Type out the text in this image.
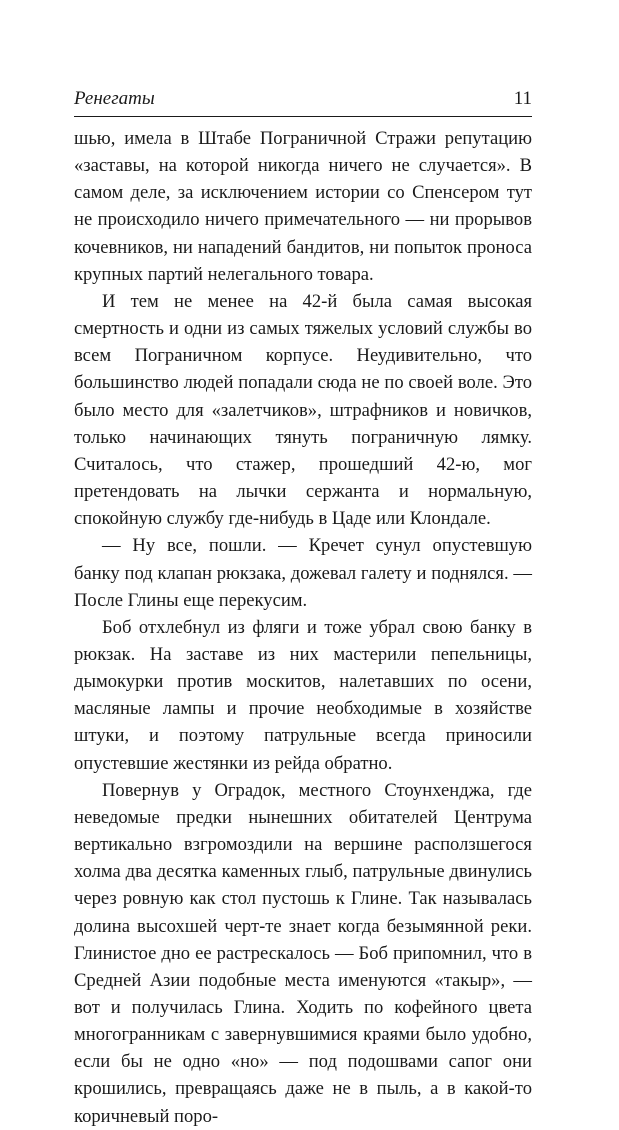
Ренегаты	11

шью, имела в Штабе Пограничной Стражи репутацию «заставы, на которой никогда ничего не случается». В самом деле, за исключением истории со Спенсером тут не происходило ничего примечательного — ни прорывов кочевников, ни нападений бандитов, ни попыток проноса крупных партий нелегального товара.

И тем не менее на 42-й была самая высокая смертность и одни из самых тяжелых условий службы во всем Пограничном корпусе. Неудивительно, что большинство людей попадали сюда не по своей воле. Это было место для «залетчиков», штрафников и новичков, только начинающих тянуть пограничную лямку. Считалось, что стажер, прошедший 42-ю, мог претендовать на лычки сержанта и нормальную, спокойную службу где-нибудь в Цаде или Клондале.

— Ну все, пошли. — Кречет сунул опустевшую банку под клапан рюкзака, дожевал галету и поднялся. — После Глины еще перекусим.

Боб отхлебнул из фляги и тоже убрал свою банку в рюкзак. На заставе из них мастерили пепельницы, дымокурки против москитов, налетавших по осени, масляные лампы и прочие необходимые в хозяйстве штуки, и поэтому патрульные всегда приносили опустевшие жестянки из рейда обратно.

Повернув у Оградок, местного Стоунхенджа, где неведомые предки нынешних обитателей Центрума вертикально взгромоздили на вершине расползшегося холма два десятка каменных глыб, патрульные двинулись через ровную как стол пустошь к Глине. Так называлась долина высохшей черт-те знает когда безымянной реки. Глинистое дно ее растрескалось — Боб припомнил, что в Средней Азии подобные места именуются «такыр», — вот и получилась Глина. Ходить по кофейного цвета многогранникам с завернувшимися краями было удобно, если бы не одно «но» — под подошвами сапог они крошились, превращаясь даже не в пыль, а в какой-то коричневый поро-
